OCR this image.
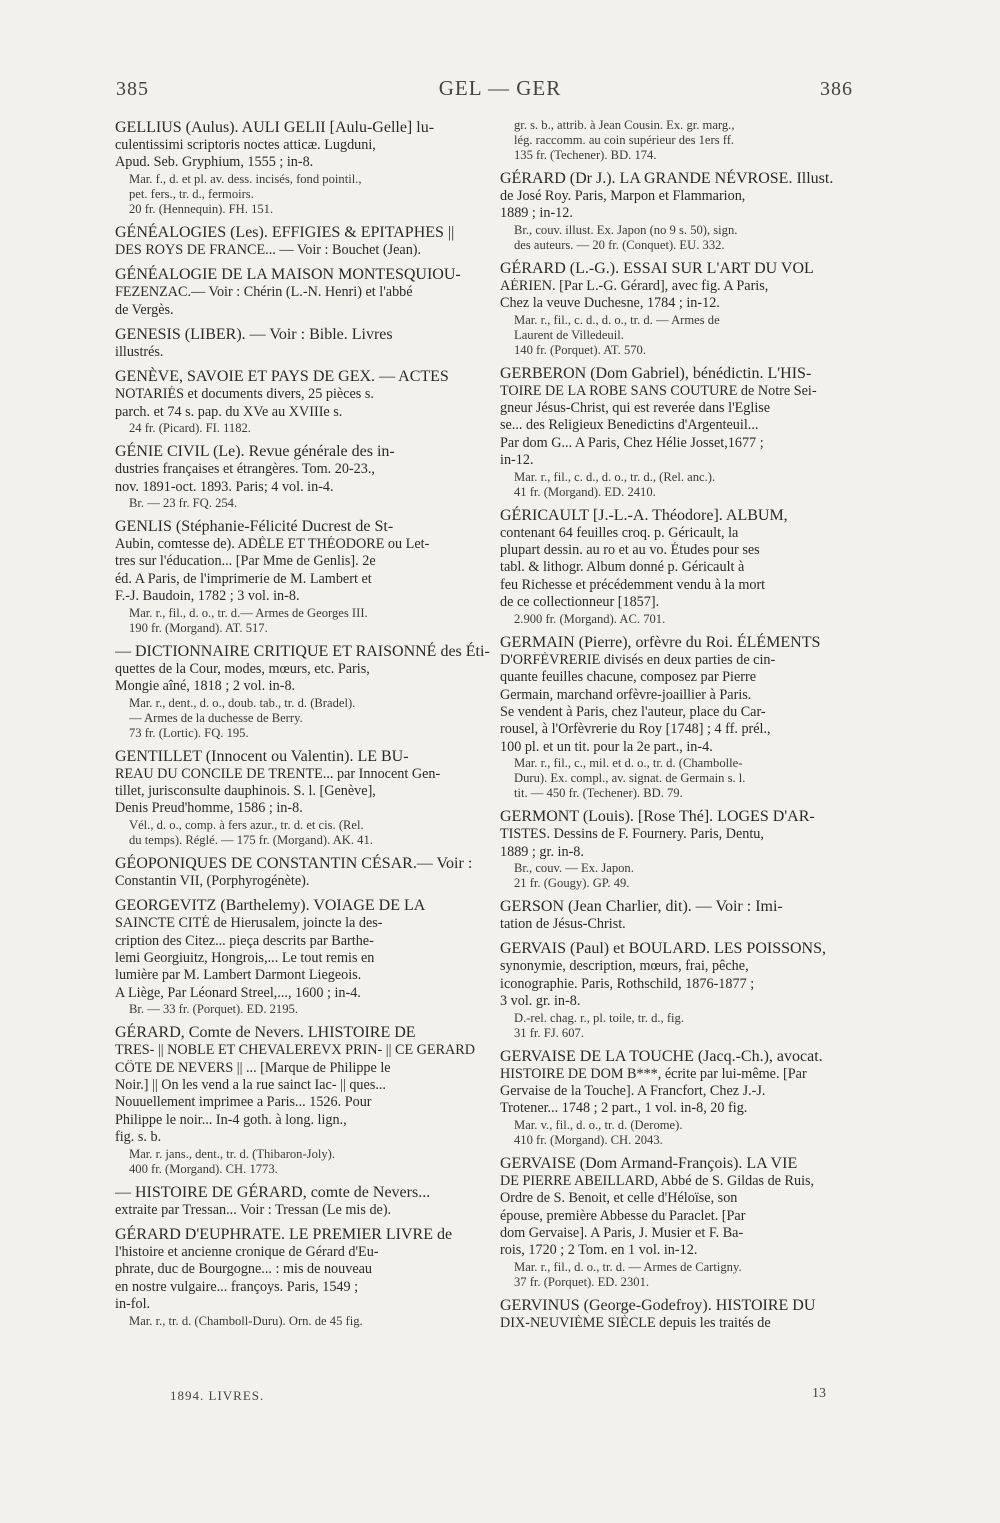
385	GEL — GER	386
GELLIUS (Aulus). AULI GELII [Aulu-Gelle] lu-
culentissimi scriptoris noctes atticæ. Lugduni,
Apud. Seb. Gryphium, 1555 ; in-8.
Mar. f., d. et pl. av. dess. incisés, fond pointil.,
pet. fers., tr. d., fermoirs.
20 fr. (Hennequin). FH. 151.
GÉNÉALOGIES (Les). EFFIGIES & EPITAPHES ||
DES ROYS DE FRANCE... — Voir : Bouchet (Jean).
GÉNÉALOGIE DE LA MAISON MONTESQUIOU-
FEZENZAC.— Voir : Chérin (L.-N. Henri) et l'abbé
de Vergès.
GENESIS (LIBER). — Voir : Bible. Livres
illustrés.
GENÈVE, SAVOIE ET PAYS DE GEX. — ACTES
NOTARIÉS et documents divers, 25 pièces s.
parch. et 74 s. pap. du XVe au XVIIIe s.
24 fr. (Picard). FI. 1182.
GÉNIE CIVIL (Le). Revue générale des in-
dustries françaises et étrangères. Tom. 20-23.,
nov. 1891-oct. 1893. Paris; 4 vol. in-4.
Br. — 23 fr. FQ. 254.
GENLIS (Stéphanie-Félicité Ducrest de St-
Aubin, comtesse de). ADÈLE ET THÉODORE ou Let-
tres sur l'éducation... [Par Mme de Genlis]. 2e
éd. A Paris, de l'imprimerie de M. Lambert et
F.-J. Baudoin, 1782 ; 3 vol. in-8.
Mar. r., fil., d. o., tr. d.— Armes de Georges III.
190 fr. (Morgand). AT. 517.
— DICTIONNAIRE CRITIQUE ET RAISONNÉ des Éti-
quettes de la Cour, modes, mœurs, etc. Paris,
Mongie aîné, 1818 ; 2 vol. in-8.
Mar. r., dent., d. o., doub. tab., tr. d. (Bradel).
— Armes de la duchesse de Berry.
73 fr. (Lortic). FQ. 195.
GENTILLET (Innocent ou Valentin). LE BU-
REAU DU CONCILE DE TRENTE... par Innocent Gen-
tillet, jurisconsulte dauphinois. S. l. [Genève],
Denis Preud'homme, 1586 ; in-8.
Vél., d. o., comp. à fers azur., tr. d. et cis. (Rel.
du temps). Réglé. — 175 fr. (Morgand). AK. 41.
GÉOPONIQUES DE CONSTANTIN CÉSAR.— Voir :
Constantin VII, (Porphyrogénète).
GEORGEVITZ (Barthelemy). VOIAGE DE LA
SAINCTE CITÉ de Hierusalem, joincte la des-
cription des Citez... pieça descrits par Barthe-
lemi Georgiuitz, Hongrois,... Le tout remis en
lumière par M. Lambert Darmont Liegeois.
A Liège, Par Léonard Streel,..., 1600 ; in-4.
Br. — 33 fr. (Porquet). ED. 2195.
GÉRARD, Comte de Nevers. LHISTOIRE DE
TRES- || NOBLE ET CHEVALEREVX PRIN- || CE GERARD
CÔTE DE NEVERS || ... [Marque de Philippe le
Noir.] || On les vend a la rue sainct Iac- || ques...
Nouuellement imprimee a Paris... 1526. Pour
Philippe le noir... In-4 goth. à long. lign.,
fig. s. b.
Mar. r. jans., dent., tr. d. (Thibaron-Joly).
400 fr. (Morgand). CH. 1773.
— HISTOIRE DE GÉRARD, comte de Nevers...
extraite par Tressan... Voir : Tressan (Le mis de).
GÉRARD D'EUPHRATE. LE PREMIER LIVRE de
l'histoire et ancienne cronique de Gérard d'Eu-
phrate, duc de Bourgogne... : mis de nouveau
en nostre vulgaire... françoys. Paris, 1549 ;
in-fol.
Mar. r., tr. d. (Chamboll-Duru). Orn. de 45 fig.
gr. s. b., attrib. à Jean Cousin. Ex. gr. marg.,
lég. raccomm. au coin supérieur des 1ers ff.
135 fr. (Techener). BD. 174.
GÉRARD (Dr J.). LA GRANDE NÉVROSE. Illust.
de José Roy. Paris, Marpon et Flammarion,
1889 ; in-12.
Br., couv. illust. Ex. Japon (no 9 s. 50), sign.
des auteurs. — 20 fr. (Conquet). EU. 332.
GÉRARD (L.-G.). ESSAI SUR L'ART DU VOL
AÉRIEN. [Par L.-G. Gérard], avec fig. A Paris,
Chez la veuve Duchesne, 1784 ; in-12.
Mar. r., fil., c. d., d. o., tr. d. — Armes de
Laurent de Villedeuil.
140 fr. (Porquet). AT. 570.
GERBERON (Dom Gabriel), bénédictin. L'HIS-
TOIRE DE LA ROBE SANS COUTURE de Notre Sei-
gneur Jésus-Christ, qui est reverée dans l'Eglise
se... des Religieux Benedictins d'Argenteuil...
Par dom G... A Paris, Chez Hélie Josset,1677 ;
in-12.
Mar. r., fil., c. d., d. o., tr. d., (Rel. anc.).
41 fr. (Morgand). ED. 2410.
GÉRICAULT [J.-L.-A. Théodore]. ALBUM,
contenant 64 feuilles croq. p. Géricault, la
plupart dessin. au ro et au vo. Études pour ses
tabl. & lithogr. Album donné p. Géricault à
feu Richesse et précédemment vendu à la mort
de ce collectionneur [1857].
2.900 fr. (Morgand). AC. 701.
GERMAIN (Pierre), orfèvre du Roi. ÉLÉMENTS
D'ORFÈVRERIE divisés en deux parties de cin-
quante feuilles chacune, composez par Pierre
Germain, marchand orfèvre-joaillier à Paris.
Se vendent à Paris, chez l'auteur, place du Car-
rousel, à l'Orfèvrerie du Roy [1748] ; 4 ff. prél.,
100 pl. et un tit. pour la 2e part., in-4.
Mar. r., fil., c., mil. et d. o., tr. d. (Chambolle-
Duru). Ex. compl., av. signat. de Germain s. l.
tit. — 450 fr. (Techener). BD. 79.
GERMONT (Louis). [Rose Thé]. LOGES D'AR-
TISTES. Dessins de F. Fournery. Paris, Dentu,
1889 ; gr. in-8.
Br., couv. — Ex. Japon.
21 fr. (Gougy). GP. 49.
GERSON (Jean Charlier, dit). — Voir : Imi-
tation de Jésus-Christ.
GERVAIS (Paul) et BOULARD. LES POISSONS,
synonymie, description, mœurs, frai, pêche,
iconographie. Paris, Rothschild, 1876-1877 ;
3 vol. gr. in-8.
D.-rel. chag. r., pl. toile, tr. d., fig.
31 fr. FJ. 607.
GERVAISE DE LA TOUCHE (Jacq.-Ch.), avocat.
HISTOIRE DE DOM B***, écrite par lui-même. [Par
Gervaise de la Touche]. A Francfort, Chez J.-J.
Trotener... 1748 ; 2 part., 1 vol. in-8, 20 fig.
Mar. v., fil., d. o., tr. d. (Derome).
410 fr. (Morgand). CH. 2043.
GERVAISE (Dom Armand-François). LA VIE
DE PIERRE ABEILLARD, Abbé de S. Gildas de Ruis,
Ordre de S. Benoit, et celle d'Héloïse, son
épouse, première Abbesse du Paraclet. [Par
dom Gervaise]. A Paris, J. Musier et F. Ba-
rois, 1720 ; 2 Tom. en 1 vol. in-12.
Mar. r., fil., d. o., tr. d. — Armes de Cartigny.
37 fr. (Porquet). ED. 2301.
GERVINUS (George-Godefroy). HISTOIRE DU
DIX-NEUVIÈME SIÈCLE depuis les traités de
1894. LIVRES.	13
